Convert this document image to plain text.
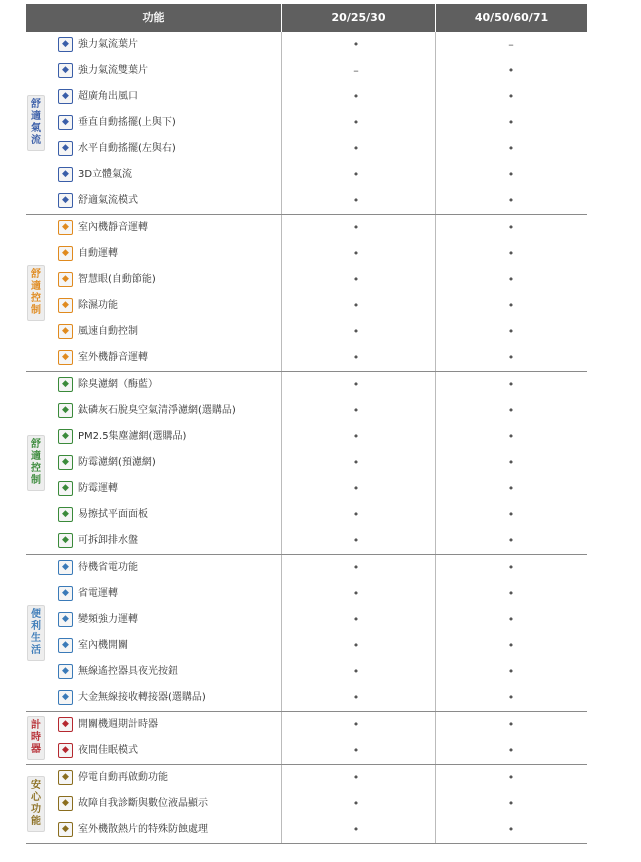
功能	20/25/30	40/50/60/71
舒適氣流
◆ 強力氣流葉片	•	–
◆ 強力氣流雙葉片	–	•
◆ 超廣角出風口	•	•
◆ 垂直自動搖擺(上與下)	•	•
◆ 水平自動搖擺(左與右)	•	•
◆ 3D立體氣流	•	•
◆ 舒適氣流模式	•	•
舒適控制
◆ 室內機靜音運轉	•	•
◆ 自動運轉	•	•
◆ 智慧眼(自動節能)	•	•
◆ 除濕功能	•	•
◆ 風速自動控制	•	•
◆ 室外機靜音運轉	•	•
舒適控制
◆ 除臭濾網（酶藍）	•	•
◆ 鈦磷灰石脫臭空氣清淨濾網(選購品)	•	•
◆ PM2.5集塵濾網(選購品)	•	•
◆ 防霉濾網(預濾網)	•	•
◆ 防霉運轉	•	•
◆ 易擦拭平面面板	•	•
◆ 可拆卸排水盤	•	•
便利生活
◆ 待機省電功能	•	•
◆ 省電運轉	•	•
◆ 變頻強力運轉	•	•
◆ 室內機開關	•	•
◆ 無線遙控器具夜光按鈕	•	•
◆ 大金無線接收轉接器(選購品)	•	•
計時器
◆ 開關機週期計時器	•	•
◆ 夜間佳眠模式	•	•
安心功能
◆ 停電自動再啟動功能	•	•
◆ 故障自我診斷與數位液晶顯示	•	•
◆ 室外機散熱片的特殊防蝕處理	•	•
